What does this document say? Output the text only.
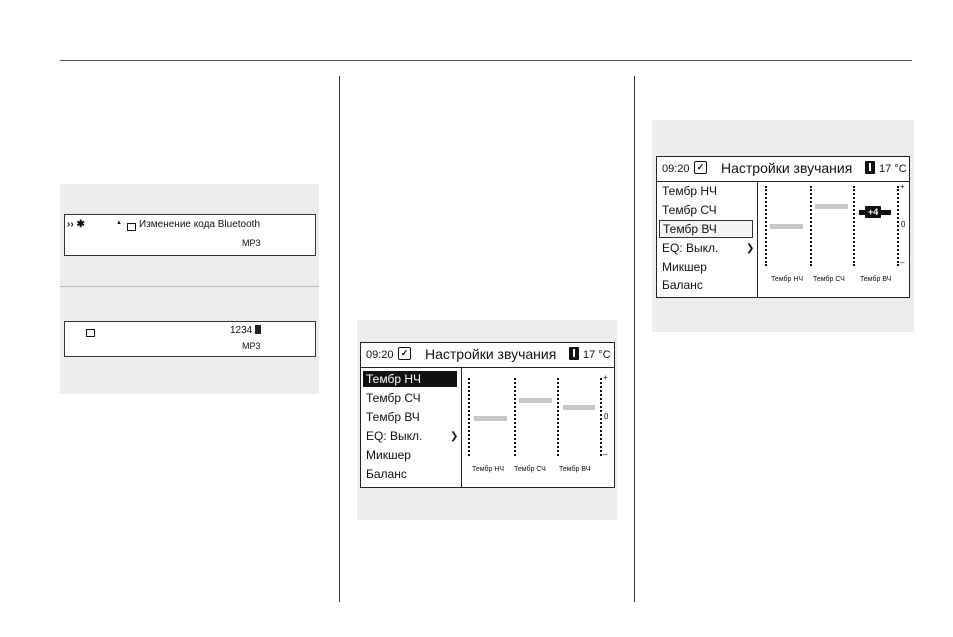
›› ✱	▲ Изменение кода Bluetooth
MP3
1234
MP3
09:20 ✓ Настройки звучания 17 °C
Тембр НЧ
Тембр СЧ
Тембр ВЧ
EQ: Выкл.	❯
Микшер
Баланс
+
0
–
Тембр НЧ Тембр СЧ Тембр ВЧ
09:20 ✓ Настройки звучания 17 °C
Тембр НЧ
Тембр СЧ
Тембр ВЧ
EQ: Выкл.	❯
Микшер
Баланс
+4
+
0
–
Тембр НЧ Тембр СЧ Тембр ВЧ
